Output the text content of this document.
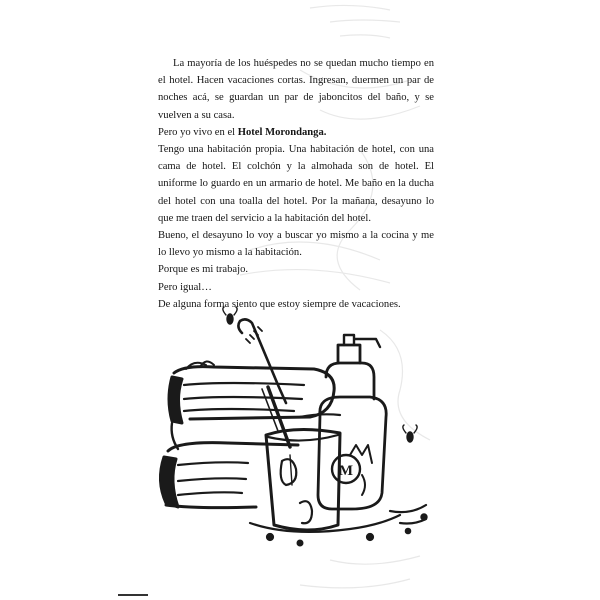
La mayoría de los huéspedes no se quedan mucho tiempo en el hotel. Hacen vacaciones cortas. Ingresan, duermen un par de noches acá, se guardan un par de jaboncitos del baño, y se vuelven a su casa.

Pero yo vivo en el Hotel Morondanga.

Tengo una habitación propia. Una habitación de hotel, con una cama de hotel. El colchón y la almohada son de hotel. El uniforme lo guardo en un armario de hotel. Me baño en la ducha del hotel con una toalla del hotel. Por la mañana, desayuno lo que me traen del servicio a la habitación del hotel.

Bueno, el desayuno lo voy a buscar yo mismo a la cocina y me lo llevo yo mismo a la habitación.

Porque es mi trabajo.

Pero igual…

De alguna forma siento que estoy siempre de vacaciones.

M
